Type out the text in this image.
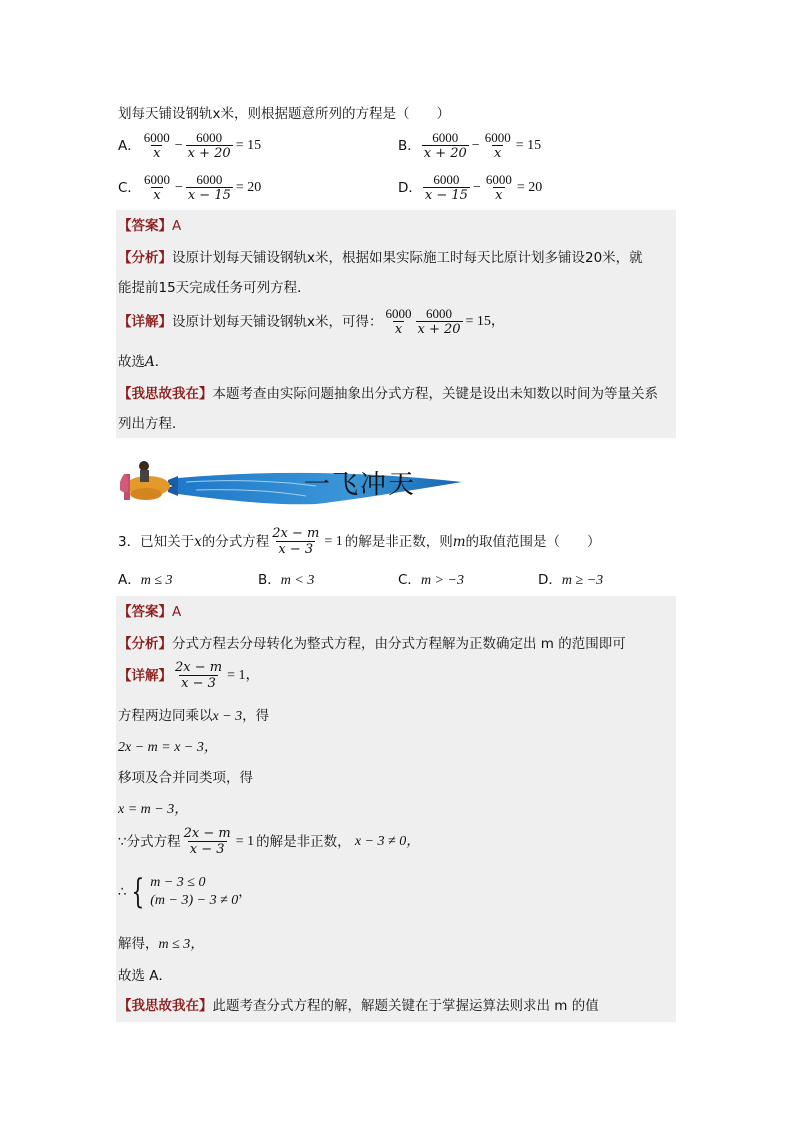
划每天铺设钢轨x米，则根据题意所列的方程是（　　）
A． $\frac{6000}{x} - \frac{6000}{x + 20} = 15$	B． $\frac{6000}{x + 20} - \frac{6000}{x} = 15$
C． $\frac{6000}{x} - \frac{6000}{x - 15} = 20$	D． $\frac{6000}{x - 15} - \frac{6000}{x} = 20$
【答案】A
【分析】设原计划每天铺设钢轨x米，根据如果实际施工时每天比原计划多铺设20米，就
能提前15天完成任务可列方程．
【详解】 设原计划每天铺设钢轨x米，可得： $\frac{6000}{x} \frac{6000}{x + 20} = 15$，
故选A．
【我思故我在】本题考查由实际问题抽象出分式方程，关键是设出未知数以时间为等量关系
列出方程．
一飞冲天
3．已知关于 x 的分式方程 $\frac{2x - m}{x - 3} = 1$ 的解是非正数，则 m 的取值范围是（　　）
A．m ≤ 3	B．m < 3	C．m > −3	D．m ≥ −3
【答案】A
【分析】分式方程去分母转化为整式方程，由分式方程解为正数确定出 m 的范围即可
【详解】 $\frac{2x - m}{x - 3} = 1$，
方程两边同乘以x − 3，得
2x − m = x − 3，
移项及合并同类项，得
x = m − 3，
∵分式方程 $\frac{2x - m}{x - 3} = 1$ 的解是非正数，
x − 3 ≠ 0，
∴ { m − 3 ≤ 0
(m − 3) − 3 ≠ 0
，
解得，m ≤ 3，
故选 A．
【我思故我在】此题考查分式方程的解，解题关键在于掌握运算法则求出 m 的值
